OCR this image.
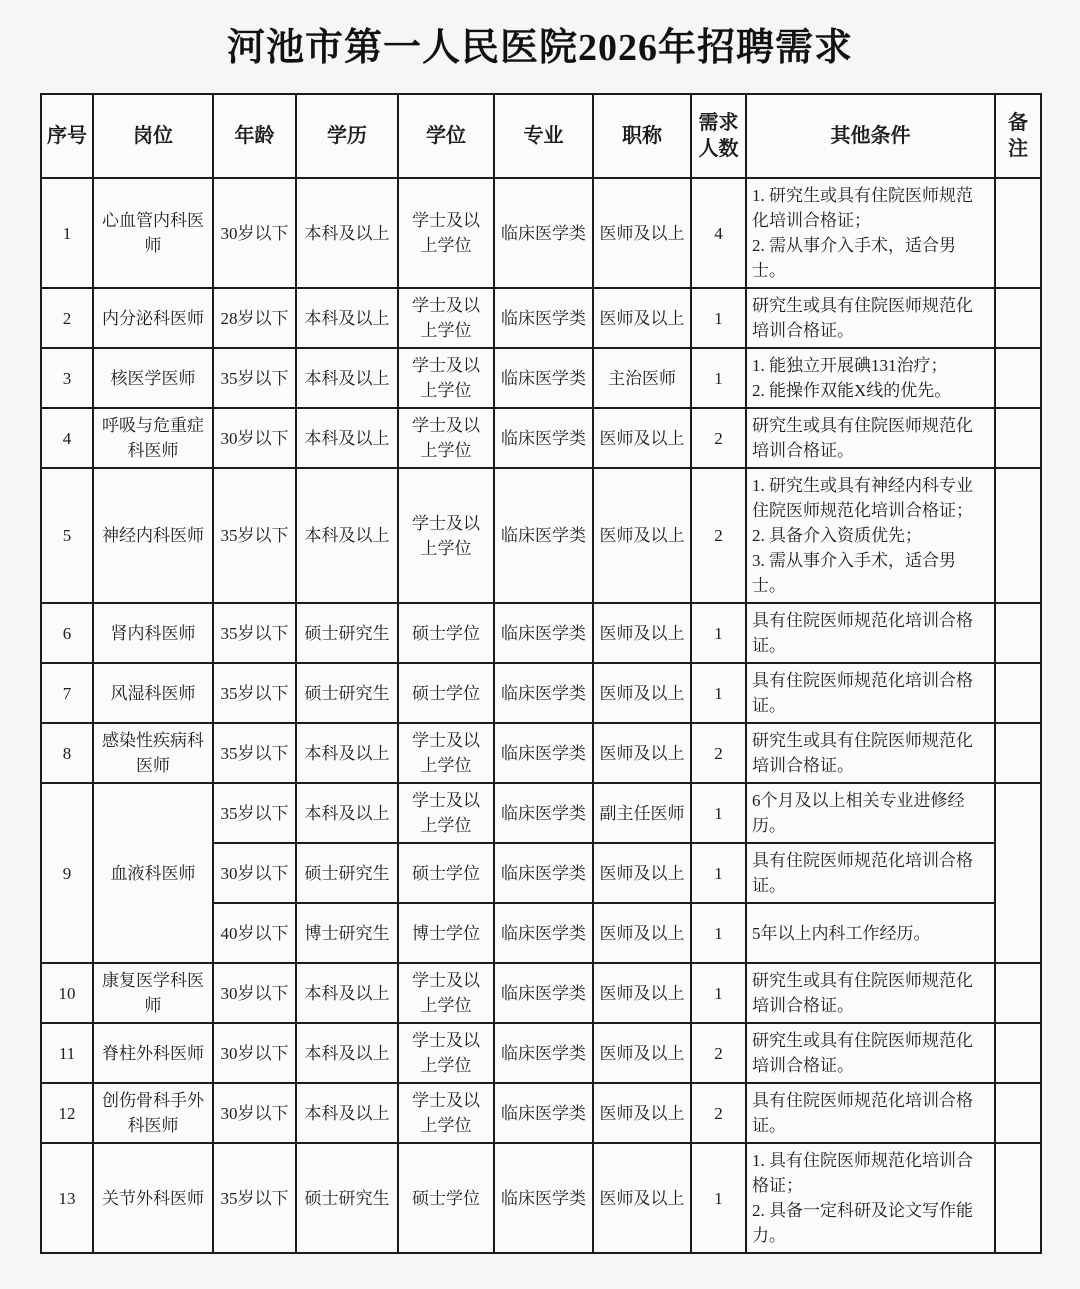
河池市第一人民医院2026年招聘需求
序号	岗位	年龄	学历	学位	专业	职称	需求人数	其他条件	备注
1	心血管内科医师	30岁以下	本科及以上	学士及以上学位	临床医学类	医师及以上	4	1. 研究生或具有住院医师规范化培训合格证；
2. 需从事介入手术，适合男士。	

2	内分泌科医师	28岁以下	本科及以上	学士及以上学位	临床医学类	医师及以上	1	研究生或具有住院医师规范化培训合格证。	

3	核医学医师	35岁以下	本科及以上	学士及以上学位	临床医学类	主治医师	1	1. 能独立开展碘131治疗；
2. 能操作双能X线的优先。	

4	呼吸与危重症科医师	30岁以下	本科及以上	学士及以上学位	临床医学类	医师及以上	2	研究生或具有住院医师规范化培训合格证。	

5	神经内科医师	35岁以下	本科及以上	学士及以上学位	临床医学类	医师及以上	2	1. 研究生或具有神经内科专业住院医师规范化培训合格证；
2. 具备介入资质优先；
3. 需从事介入手术，适合男士。	

6	肾内科医师	35岁以下	硕士研究生	硕士学位	临床医学类	医师及以上	1	具有住院医师规范化培训合格证。	

7	风湿科医师	35岁以下	硕士研究生	硕士学位	临床医学类	医师及以上	1	具有住院医师规范化培训合格证。	

8	感染性疾病科医师	35岁以下	本科及以上	学士及以上学位	临床医学类	医师及以上	2	研究生或具有住院医师规范化培训合格证。	

9	血液科医师	35岁以下	本科及以上	学士及以上学位	临床医学类	副主任医师	1	6个月及以上相关专业进修经历。	

		30岁以下	硕士研究生	硕士学位	临床医学类	医师及以上	1	具有住院医师规范化培训合格证。	

		40岁以下	博士研究生	博士学位	临床医学类	医师及以上	1	5年以上内科工作经历。	

10	康复医学科医师	30岁以下	本科及以上	学士及以上学位	临床医学类	医师及以上	1	研究生或具有住院医师规范化培训合格证。	

11	脊柱外科医师	30岁以下	本科及以上	学士及以上学位	临床医学类	医师及以上	2	研究生或具有住院医师规范化培训合格证。	

12	创伤骨科手外科医师	30岁以下	本科及以上	学士及以上学位	临床医学类	医师及以上	2	具有住院医师规范化培训合格证。	

13	关节外科医师	35岁以下	硕士研究生	硕士学位	临床医学类	医师及以上	1	1. 具有住院医师规范化培训合格证；
2. 具备一定科研及论文写作能力。	
